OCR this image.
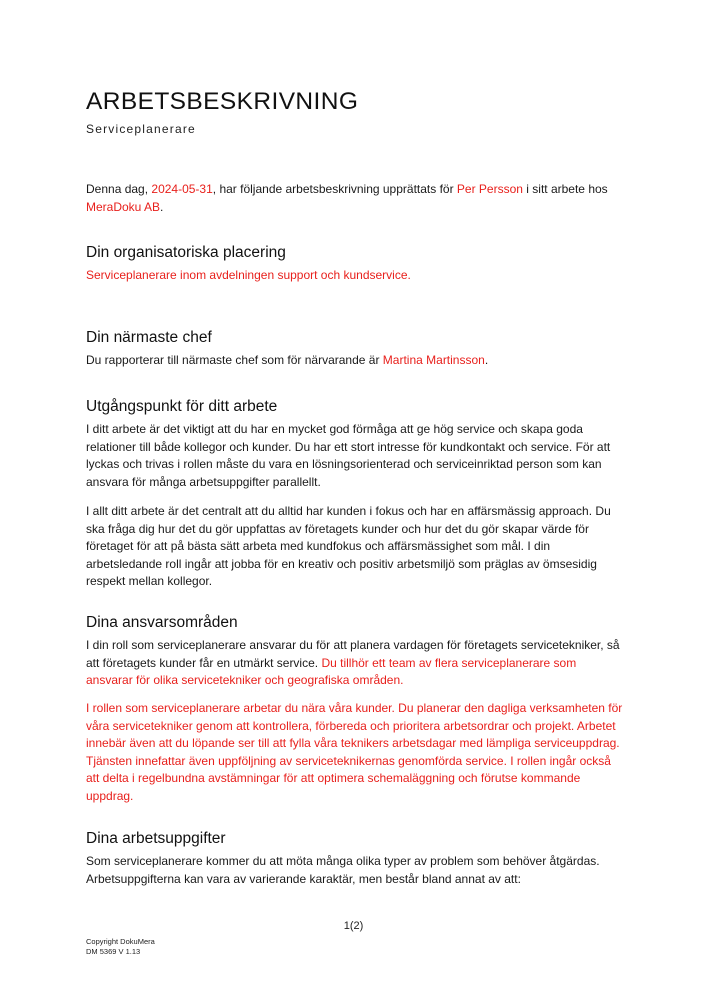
ARBETSBESKRIVNING
Serviceplanerare

Denna dag, 2024-05-31, har följande arbetsbeskrivning upprättats för Per Persson i sitt arbete hos MeraDoku AB.

Din organisatoriska placering

Serviceplanerare inom avdelningen support och kundservice.

Din närmaste chef

Du rapporterar till närmaste chef som för närvarande är Martina Martinsson.

Utgångspunkt för ditt arbete

I ditt arbete är det viktigt att du har en mycket god förmåga att ge hög service och skapa goda relationer till både kollegor och kunder. Du har ett stort intresse för kundkontakt och service. För att lyckas och trivas i rollen måste du vara en lösningsorienterad och serviceinriktad person som kan ansvara för många arbetsuppgifter parallellt.

I allt ditt arbete är det centralt att du alltid har kunden i fokus och har en affärsmässig approach. Du ska fråga dig hur det du gör uppfattas av företagets kunder och hur det du gör skapar värde för företaget för att på bästa sätt arbeta med kundfokus och affärsmässighet som mål. I din arbetsledande roll ingår att jobba för en kreativ och positiv arbetsmiljö som präglas av ömsesidig respekt mellan kollegor.

Dina ansvarsområden

I din roll som serviceplanerare ansvarar du för att planera vardagen för företagets servicetekniker, så att företagets kunder får en utmärkt service. Du tillhör ett team av flera serviceplanerare som ansvarar för olika servicetekniker och geografiska områden.

I rollen som serviceplanerare arbetar du nära våra kunder. Du planerar den dagliga verksamheten för våra servicetekniker genom att kontrollera, förbereda och prioritera arbetsordrar och projekt. Arbetet innebär även att du löpande ser till att fylla våra teknikers arbetsdagar med lämpliga serviceuppdrag. Tjänsten innefattar även uppföljning av serviceteknikernas genomförda service. I rollen ingår också att delta i regelbundna avstämningar för att optimera schemaläggning och förutse kommande uppdrag.

Dina arbetsuppgifter

Som serviceplanerare kommer du att möta många olika typer av problem som behöver åtgärdas. Arbetsuppgifterna kan vara av varierande karaktär, men består bland annat av att:

1(2)
Copyright DokuMera
DM 5369 V 1.13
